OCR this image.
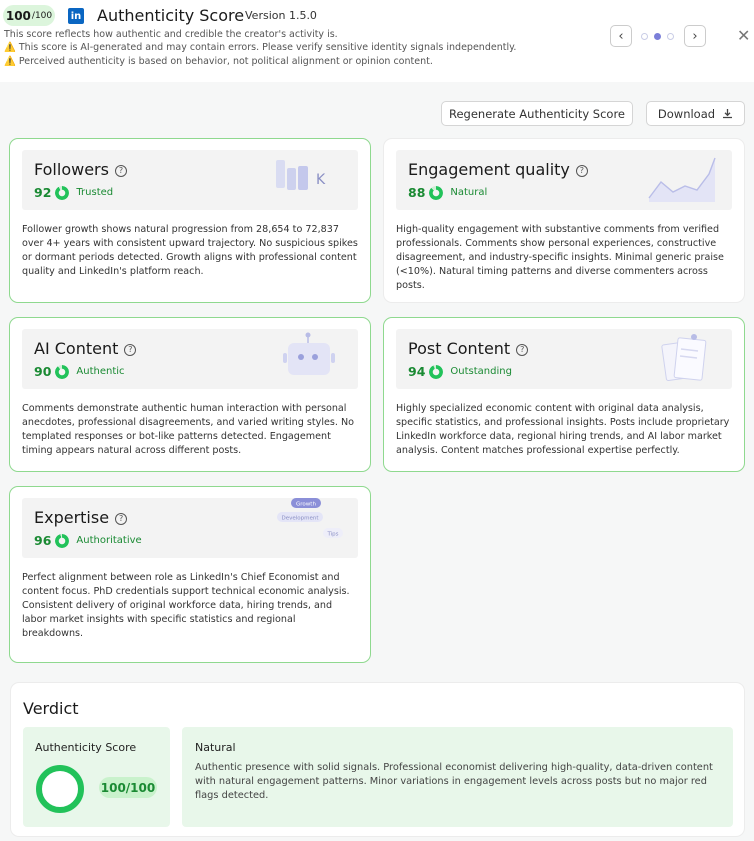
100 /100 in Authenticity Score Version 1.5.0
This score reflects how authentic and credible the creator's activity is.
⚠️ This score is AI-generated and may contain errors. Please verify sensitive identity signals independently.
⚠️ Perceived authenticity is based on behavior, not political alignment or opinion content.
‹	› ✕
Regenerate Authenticity Score	Download
Followers ?
92	Trusted
K
Follower growth shows natural progression from 28,654 to 72,837 over 4+ years with consistent upward trajectory. No suspicious spikes or dormant periods detected. Growth aligns with professional content quality and LinkedIn's platform reach.
Engagement quality ?
88	Natural
High-quality engagement with substantive comments from verified professionals. Comments show personal experiences, constructive disagreement, and industry-specific insights. Minimal generic praise (<10%). Natural timing patterns and diverse commenters across posts.
AI Content ?
90	Authentic
Comments demonstrate authentic human interaction with personal anecdotes, professional disagreements, and varied writing styles. No templated responses or bot-like patterns detected. Engagement timing appears natural across different posts.
Post Content ?
94	Outstanding
Highly specialized economic content with original data analysis, specific statistics, and professional insights. Posts include proprietary LinkedIn workforce data, regional hiring trends, and AI labor market analysis. Content matches professional expertise perfectly.
Expertise ?
96	Authoritative
Growth
Development
Tips
Perfect alignment between role as LinkedIn's Chief Economist and content focus. PhD credentials support technical economic analysis. Consistent delivery of original workforce data, hiring trends, and labor market insights with specific statistics and regional breakdowns.
Verdict
Authenticity Score
100/100
Natural
Authentic presence with solid signals. Professional economist delivering high-quality, data-driven content with natural engagement patterns. Minor variations in engagement levels across posts but no major red flags detected.
